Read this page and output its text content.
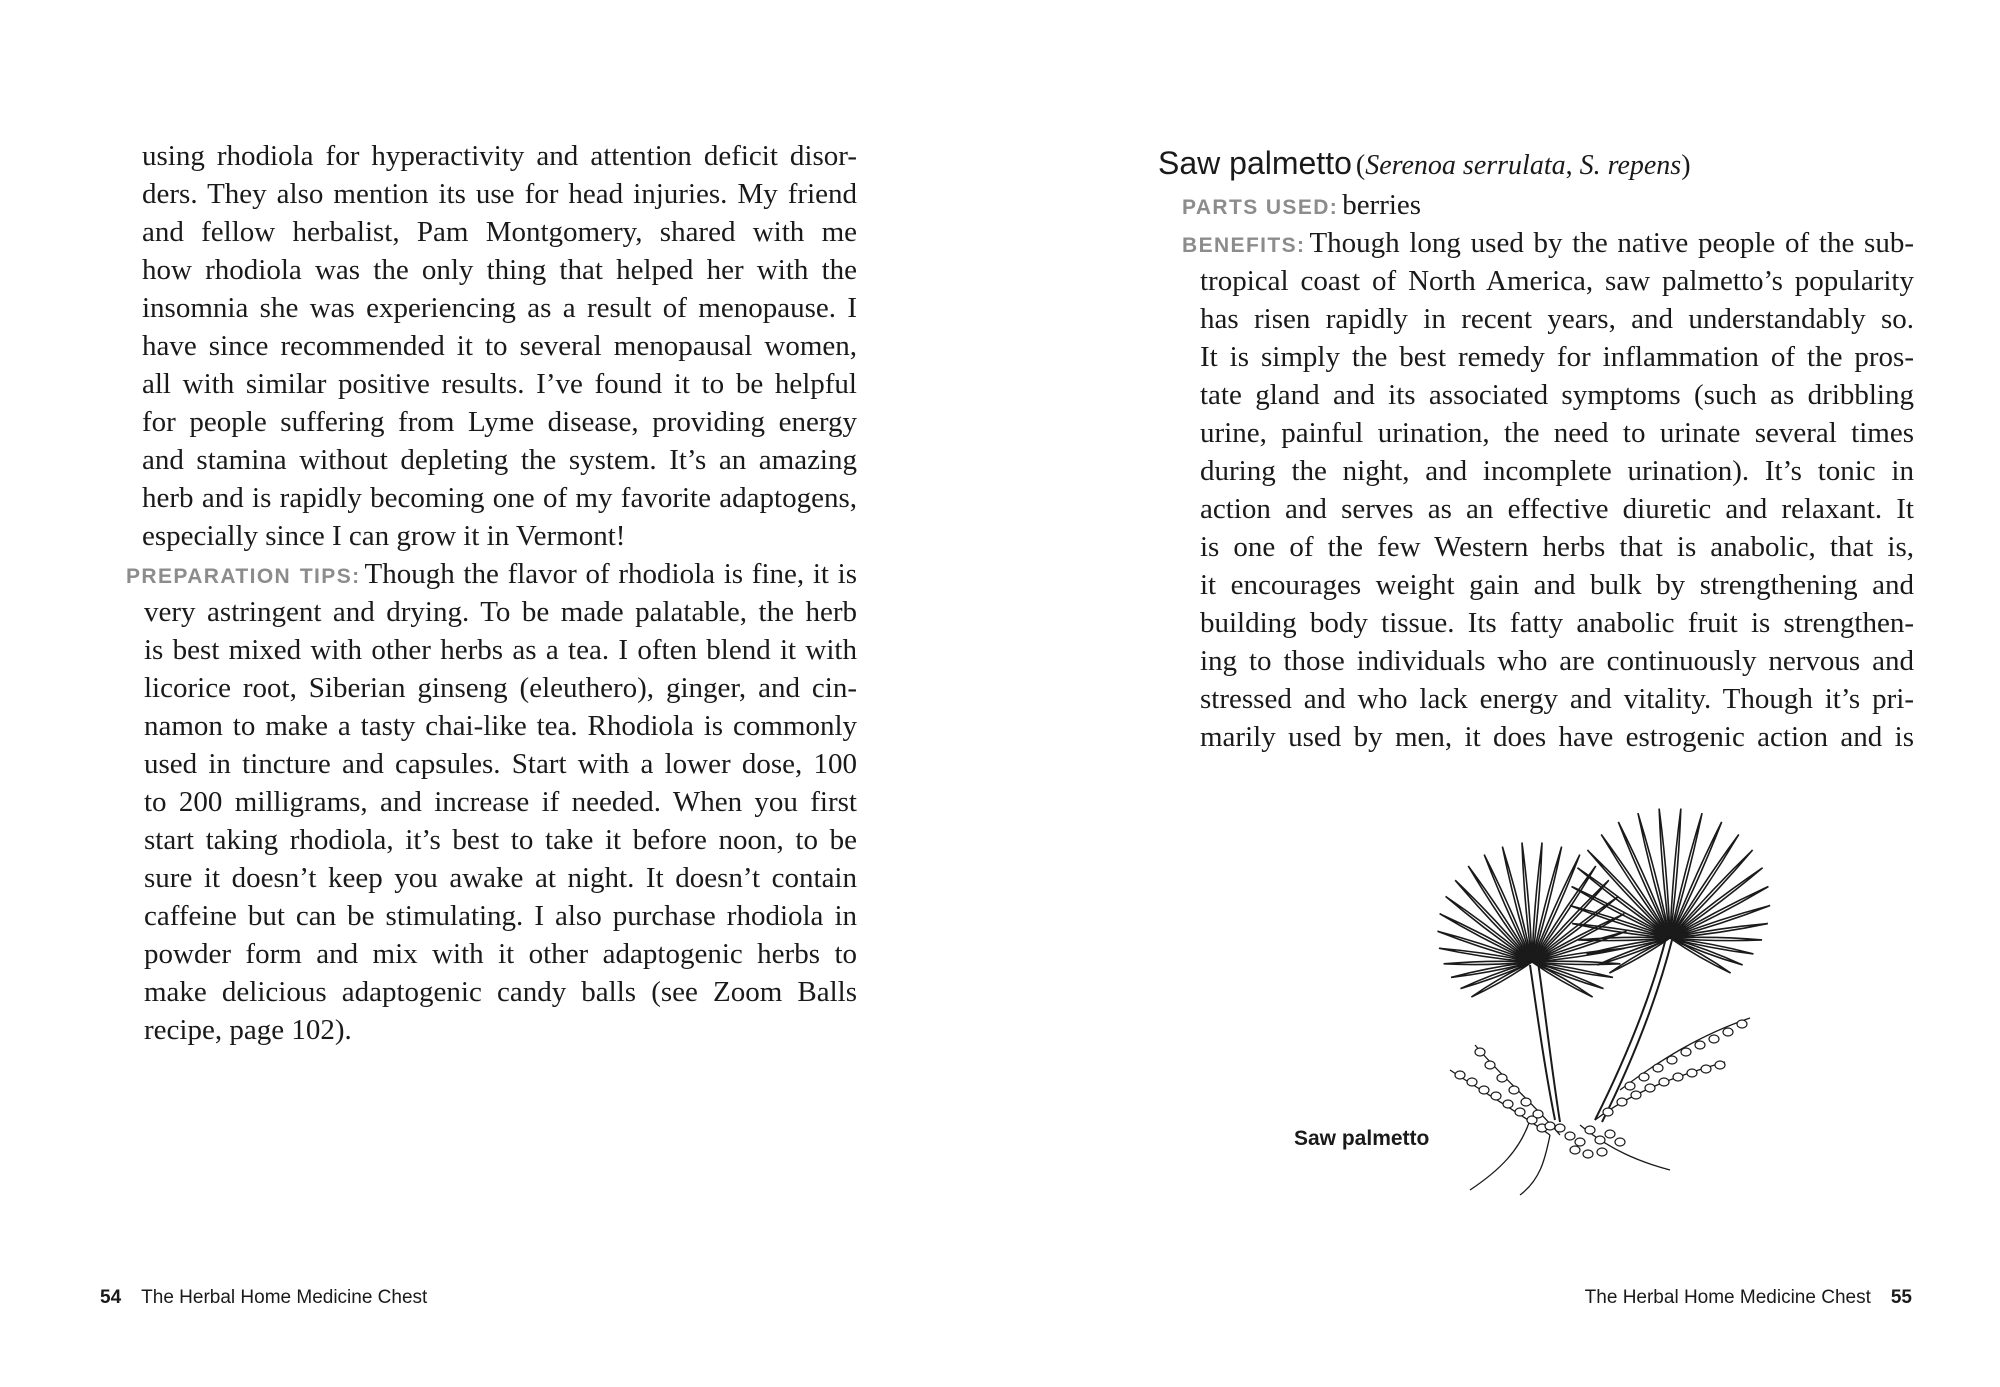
using rhodiola for hyperactivity and attention deficit disor-
ders. They also mention its use for head injuries. My friend
and fellow herbalist, Pam Montgomery, shared with me
how rhodiola was the only thing that helped her with the
insomnia she was experiencing as a result of menopause. I
have since recommended it to several menopausal women,
all with similar positive results. I’ve found it to be helpful
for people suffering from Lyme disease, providing energy
and stamina without depleting the system. It’s an amazing
herb and is rapidly becoming one of my favorite adaptogens,
especially since I can grow it in Vermont!
PREPARATION TIPS: Though the flavor of rhodiola is fine, it is
very astringent and drying. To be made palatable, the herb
is best mixed with other herbs as a tea. I often blend it with
licorice root, Siberian ginseng (eleuthero), ginger, and cin-
namon to make a tasty chai-like tea. Rhodiola is commonly
used in tincture and capsules. Start with a lower dose, 100
to 200 milligrams, and increase if needed. When you first
start taking rhodiola, it’s best to take it before noon, to be
sure it doesn’t keep you awake at night. It doesn’t contain
caffeine but can be stimulating. I also purchase rhodiola in
powder form and mix with it other adaptogenic herbs to
make delicious adaptogenic candy balls (see Zoom Balls
recipe, page 102).
54 The Herbal Home Medicine Chest
Saw palmetto (Serenoa serrulata, S. repens)
PARTS USED: berries
BENEFITS: Though long used by the native people of the sub-
tropical coast of North America, saw palmetto’s popularity
has risen rapidly in recent years, and understandably so.
It is simply the best remedy for inflammation of the pros-
tate gland and its associated symptoms (such as dribbling
urine, painful urination, the need to urinate several times
during the night, and incomplete urination). It’s tonic in
action and serves as an effective diuretic and relaxant. It
is one of the few Western herbs that is anabolic, that is,
it encourages weight gain and bulk by strengthening and
building body tissue. Its fatty anabolic fruit is strengthen-
ing to those individuals who are continuously nervous and
stressed and who lack energy and vitality. Though it’s pri-
marily used by men, it does have estrogenic action and is
The Herbal Home Medicine Chest 55
Saw palmetto
